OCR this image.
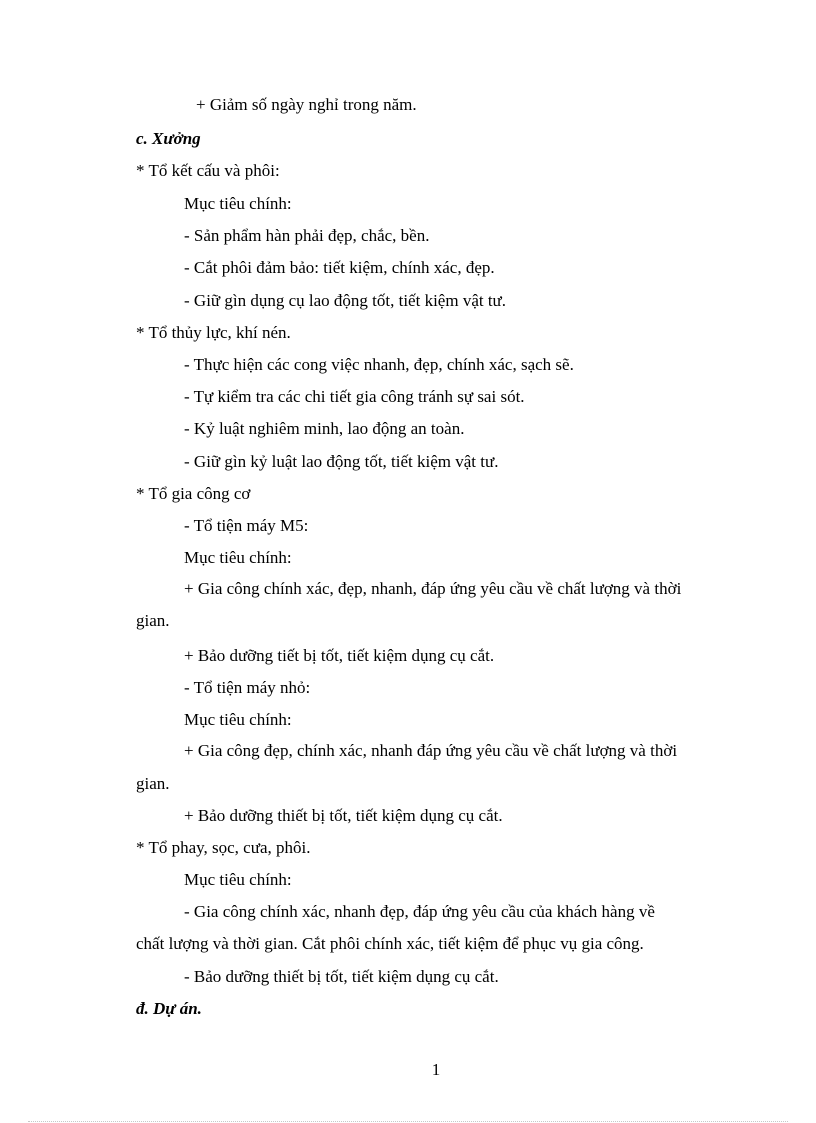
+ Giảm số ngày nghỉ trong năm.
c. Xưởng
* Tổ kết cấu và phôi:
Mục tiêu chính:
- Sản phẩm hàn phải đẹp, chắc, bền.
- Cắt phôi đảm bảo: tiết kiệm, chính xác, đẹp.
- Giữ gìn dụng cụ lao động tốt, tiết kiệm vật tư.
* Tổ thủy lực, khí nén.
- Thực hiện các cong việc nhanh, đẹp, chính xác, sạch sẽ.
- Tự kiểm tra các chi tiết gia công tránh sự sai sót.
- Kỷ luật nghiêm minh, lao động an toàn.
- Giữ gìn kỷ luật lao động tốt, tiết kiệm vật tư.
* Tổ gia công cơ
- Tổ tiện máy M5:
Mục tiêu chính:
+ Gia công chính xác, đẹp, nhanh, đáp ứng yêu cầu về chất lượng và thời
gian.
+ Bảo dưỡng tiết bị tốt, tiết kiệm dụng cụ cắt.
- Tổ tiện máy nhỏ:
Mục tiêu chính:
+ Gia công đẹp, chính xác, nhanh đáp ứng yêu cầu về chất lượng và thời
gian.
+ Bảo dưỡng thiết bị tốt, tiết kiệm dụng cụ cắt.
* Tổ phay, sọc, cưa, phôi.
Mục tiêu chính:
- Gia công chính xác, nhanh đẹp, đáp ứng yêu cầu của khách hàng về
chất lượng và thời gian. Cắt phôi chính xác, tiết kiệm để phục vụ gia công.
- Bảo dưỡng thiết bị tốt, tiết kiệm dụng cụ cắt.
đ. Dự án.
1
